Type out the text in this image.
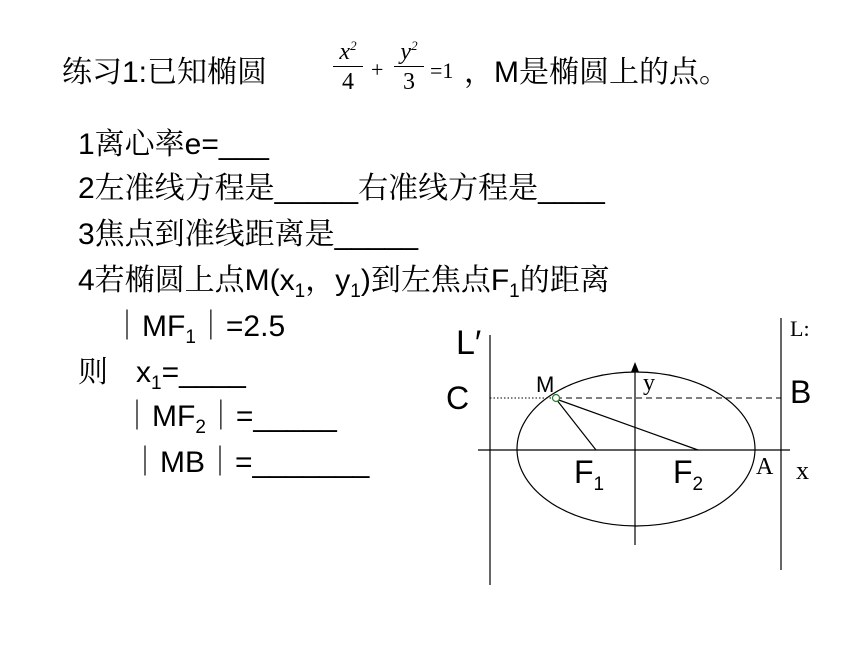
练习1:已知椭圆
$x^2$
4 +
$y^2$
3 =1 ，M是椭圆上的点。
1离心率e=___
2左准线方程是_____右准线方程是____
3焦点到准线距离是_____
4若椭圆上点$M(x_1$，$y_1$)到左焦点$F_1$的距离
$|MF_1|=2.5$
则 $x_1=\_\_\_\_$
$|MF_2|=\_\_\_\_\_$
｜MB｜=_______
L′	L:
C	B
M	y
$F_1$ $F_2$
A x
